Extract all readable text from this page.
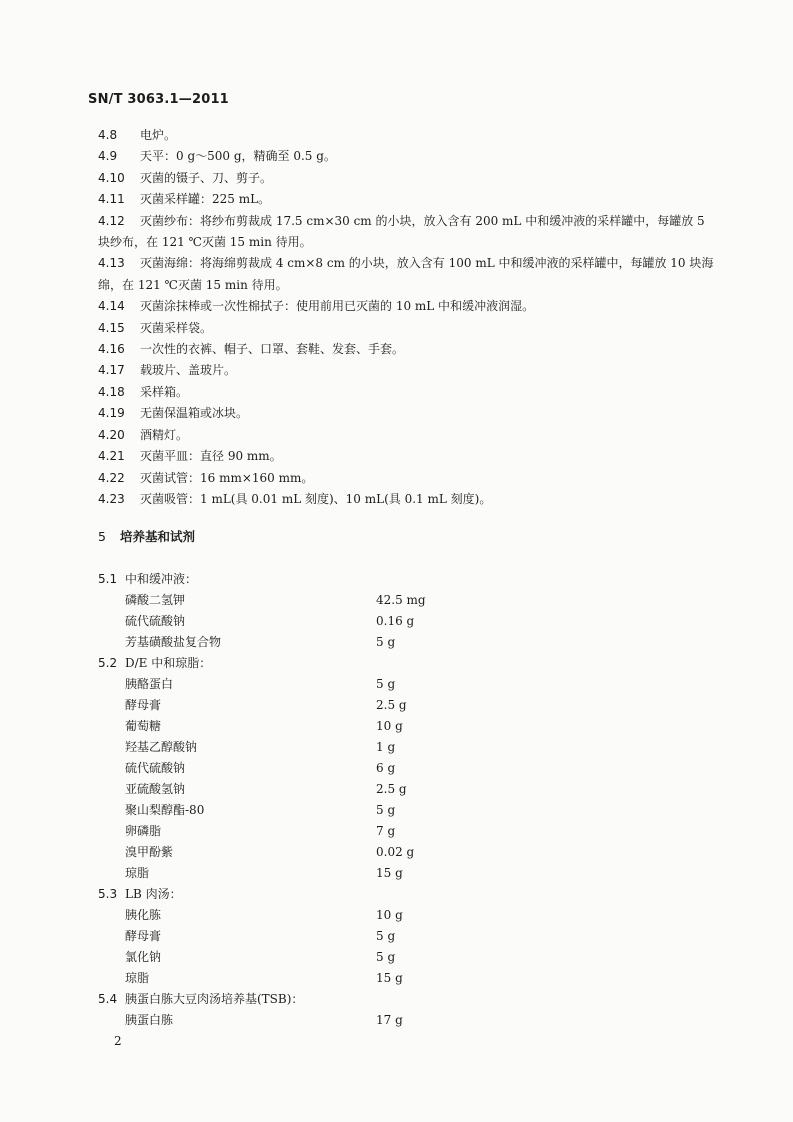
SN/T 3063.1—2011
4.8	电炉。
4.9	天平：0 g～500 g，精确至 0.5 g。
4.10	灭菌的镊子、刀、剪子。
4.11	灭菌采样罐：225 mL。
4.12 灭菌纱布：将纱布剪裁成 17.5 cm×30 cm 的小块，放入含有 200 mL 中和缓冲液的采样罐中，每罐放 5 块纱布，在 121 ℃灭菌 15 min 待用。
4.13 灭菌海绵：将海绵剪裁成 4 cm×8 cm 的小块，放入含有 100 mL 中和缓冲液的采样罐中，每罐放 10 块海绵，在 121 ℃灭菌 15 min 待用。
4.14	灭菌涂抹棒或一次性棉拭子：使用前用已灭菌的 10 mL 中和缓冲液润湿。
4.15	灭菌采样袋。
4.16	一次性的衣裤、帽子、口罩、套鞋、发套、手套。
4.17	载玻片、盖玻片。
4.18	采样箱。
4.19	无菌保温箱或冰块。
4.20	酒精灯。
4.21	灭菌平皿：直径 90 mm。
4.22	灭菌试管：16 mm×160 mm。
4.23	灭菌吸管：1 mL(具 0.01 mL 刻度)、10 mL(具 0.1 mL 刻度)。
5 培养基和试剂
5.1 中和缓冲液：
磷酸二氢钾	42.5 mg
硫代硫酸钠	0.16 g
芳基磺酸盐复合物	5 g
5.2 D/E 中和琼脂：
胰酪蛋白	5 g
酵母膏	2.5 g
葡萄糖	10 g
羟基乙醇酸钠	1 g
硫代硫酸钠	6 g
亚硫酸氢钠	2.5 g
聚山梨醇酯-80	5 g
卵磷脂	7 g
溴甲酚紫	0.02 g
琼脂	15 g
5.3 LB 肉汤：
胰化胨	10 g
酵母膏	5 g
氯化钠	5 g
琼脂	15 g
5.4 胰蛋白胨大豆肉汤培养基(TSB)：
胰蛋白胨	17 g
2
